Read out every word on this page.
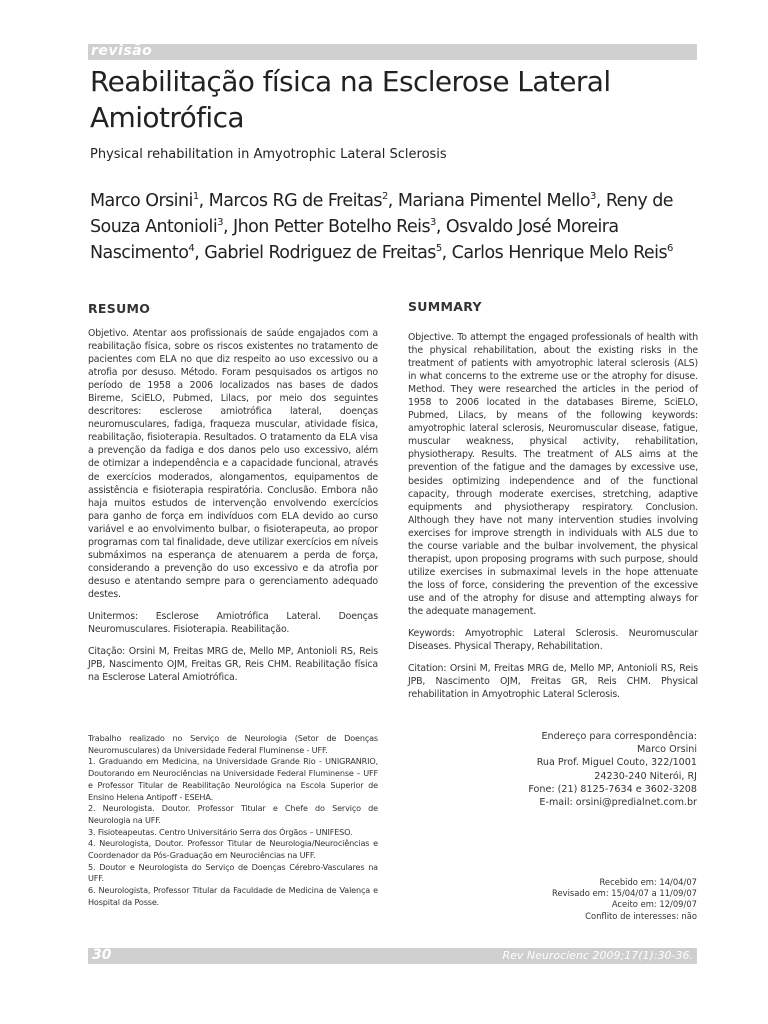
revisão
Reabilitação física na Esclerose Lateral Amiotrófica
Physical rehabilitation in Amyotrophic Lateral Sclerosis

Marco Orsini$^1$, Marcos RG de Freitas$^2$, Mariana Pimentel Mello$^3$, Reny de Souza Antonioli$^3$, Jhon Petter Botelho Reis$^3$, Osvaldo José Moreira Nascimento$^4$, Gabriel Rodriguez de Freitas$^5$, Carlos Henrique Melo Reis$^6$

RESUMO	SUMMARY

Objetivo. Atentar aos profissionais de saúde engajados com a reabilitação física, sobre os riscos existentes no tratamento de pacientes com ELA no que diz respeito ao uso excessivo ou a atrofia por desuso. Método. Foram pesquisados os artigos no período de 1958 a 2006 localizados nas bases de dados Bireme, SciELO, Pubmed, Lilacs, por meio dos seguintes descritores: esclerose amiotrófica lateral, doenças neuromusculares, fadiga, fraqueza muscular, atividade física, reabilitação, fisioterapia. Resultados. O tratamento da ELA visa a prevenção da fadiga e dos danos pelo uso excessivo, além de otimizar a independência e a capacidade funcional, através de exercícios moderados, alongamentos, equipamentos de assistência e fisioterapia respiratória. Conclusão. Embora não haja muitos estudos de intervenção envolvendo exercícios para ganho de força em indivíduos com ELA devido ao curso variável e ao envolvimento bulbar, o fisioterapeuta, ao propor programas com tal finalidade, deve utilizar exercícios em níveis submáximos na esperança de atenuarem a perda de força, considerando a prevenção do uso excessivo e da atrofia por desuso e atentando sempre para o gerenciamento adequado destes.

Unitermos: Esclerose Amiotrófica Lateral. Doenças Neuromusculares. Fisioterapia. Reabilitação.

Citação: Orsini M, Freitas MRG de, Mello MP, Antonioli RS, Reis JPB, Nascimento OJM, Freitas GR, Reis CHM. Reabilitação física na Esclerose Lateral Amiotrófica.

Objective. To attempt the engaged professionals of health with the physical rehabilitation, about the existing risks in the treatment of patients with amyotrophic lateral sclerosis (ALS) in what concerns to the extreme use or the atrophy for disuse. Method. They were researched the articles in the period of 1958 to 2006 located in the databases Bireme, SciELO, Pubmed, Lilacs, by means of the following keywords: amyotrophic lateral sclerosis, Neuromuscular disease, fatigue, muscular weakness, physical activity, rehabilitation, physiotherapy. Results. The treatment of ALS aims at the prevention of the fatigue and the damages by excessive use, besides optimizing independence and of the functional capacity, through moderate exercises, stretching, adaptive equipments and physiotherapy respiratory. Conclusion. Although they have not many intervention studies involving exercises for improve strength in individuals with ALS due to the course variable and the bulbar involvement, the physical therapist, upon proposing programs with such purpose, should utilize exercises in submaximal levels in the hope attenuate the loss of force, considering the prevention of the excessive use and of the atrophy for disuse and attempting always for the adequate management.

Keywords: Amyotrophic Lateral Sclerosis. Neuromuscular Diseases. Physical Therapy, Rehabilitation.

Citation: Orsini M, Freitas MRG de, Mello MP, Antonioli RS, Reis JPB, Nascimento OJM, Freitas GR, Reis CHM. Physical rehabilitation in Amyotrophic Lateral Sclerosis.

Trabalho realizado no Serviço de Neurologia (Setor de Doenças Neuromusculares) da Universidade Federal Fluminense - UFF.
1. Graduando em Medicina, na Universidade Grande Rio - UNIGRANRIO, Doutorando em Neurociências na Universidade Federal Fluminense – UFF e Professor Titular de Reabilitação Neurológica na Escola Superior de Ensino Helena Antipoff - ESEHA.
2. Neurologista. Doutor. Professor Titular e Chefe do Serviço de Neurologia na UFF.
3. Fisioteapeutas. Centro Universitário Serra dos Órgãos – UNIFESO.
4. Neurologista, Doutor. Professor Titular de Neurologia/Neurociências e Coordenador da Pós-Graduação em Neurociências na UFF.
5. Doutor e Neurologista do Serviço de Doenças Cérebro-Vasculares na UFF.
6. Neurologista, Professor Titular da Faculdade de Medicina de Valença e Hospital da Posse.
Endereço para correspondência:
Marco Orsini
Rua Prof. Miguel Couto, 322/1001
24230-240 Niterói, RJ
Fone: (21) 8125-7634 e 3602-3208
E-mail: orsini@predialnet.com.br
Recebido em: 14/04/07
Revisado em: 15/04/07 a 11/09/07
Aceito em: 12/09/07
Conflito de interesses: não
30	Rev Neurocienc 2009;17(1):30-36.
